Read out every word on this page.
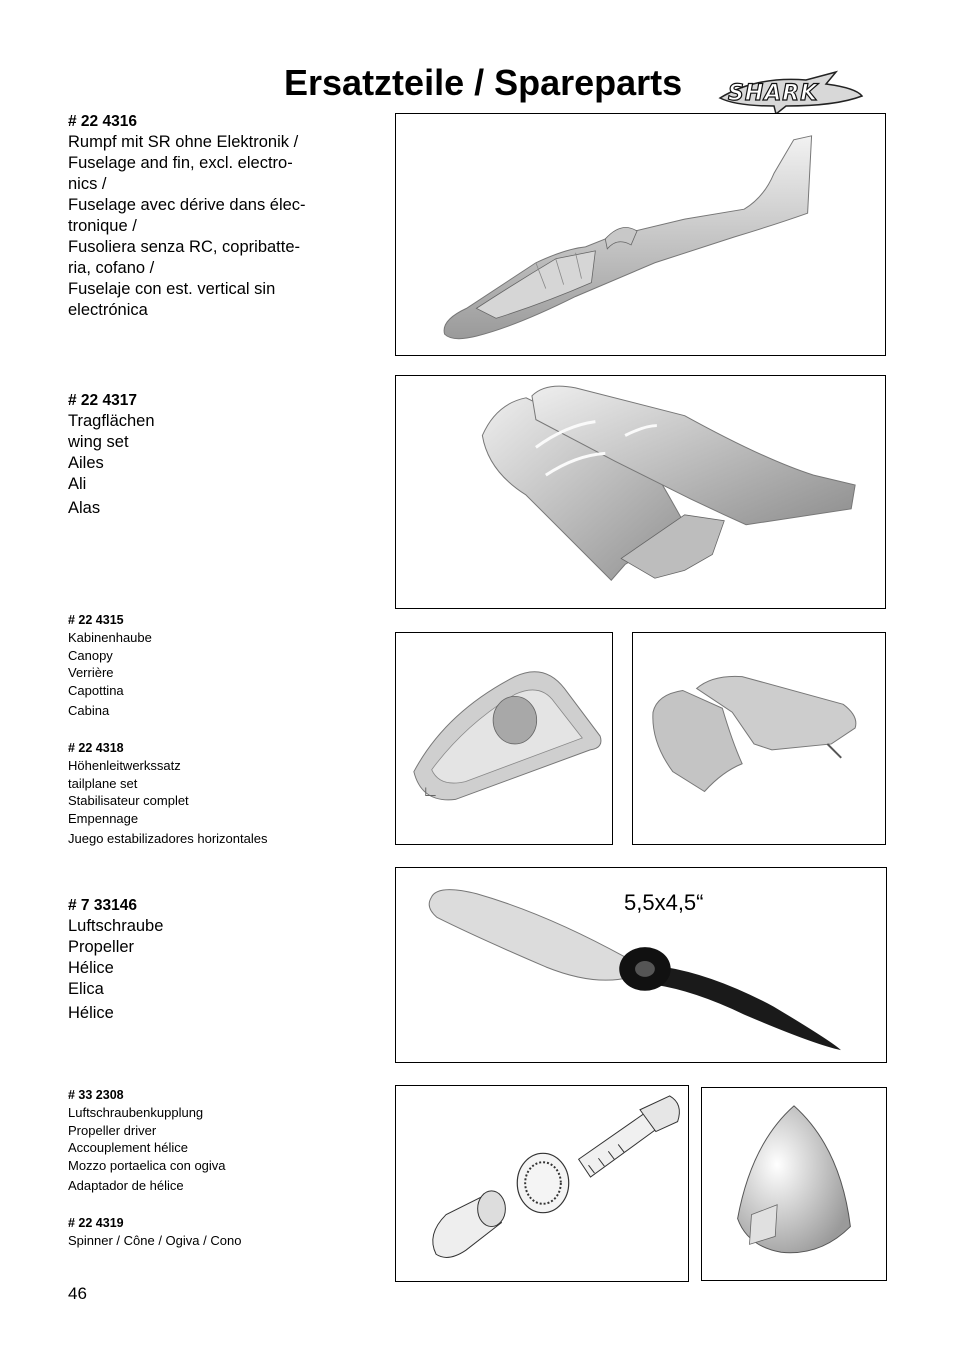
Ersatzteile / Spareparts SHARK
# 22 4316
Rumpf mit SR ohne Elektronik /
Fuselage and fin, excl. electro-
nics /
Fuselage avec dérive dans élec-
tronique /
Fusoliera senza RC, copribatte-
ria, cofano /
Fuselaje con est. vertical sin
electrónica
# 22 4317
Tragflächen
wing set
Ailes
Ali
Alas
# 22 4315
Kabinenhaube
Canopy
Verrière
Capottina
Cabina
# 22 4318
Höhenleitwerkssatz
tailplane set
Stabilisateur complet
Empennage
Juego estabilizadores horizontales
# 7 33146
Luftschraube
Propeller
Hélice
Elica
Hélice
5,5x4,5“
# 33 2308
Luftschraubenkupplung
Propeller driver
Accouplement hélice
Mozzo portaelica con ogiva
Adaptador de hélice
# 22 4319
Spinner / Cône / Ogiva / Cono
46
